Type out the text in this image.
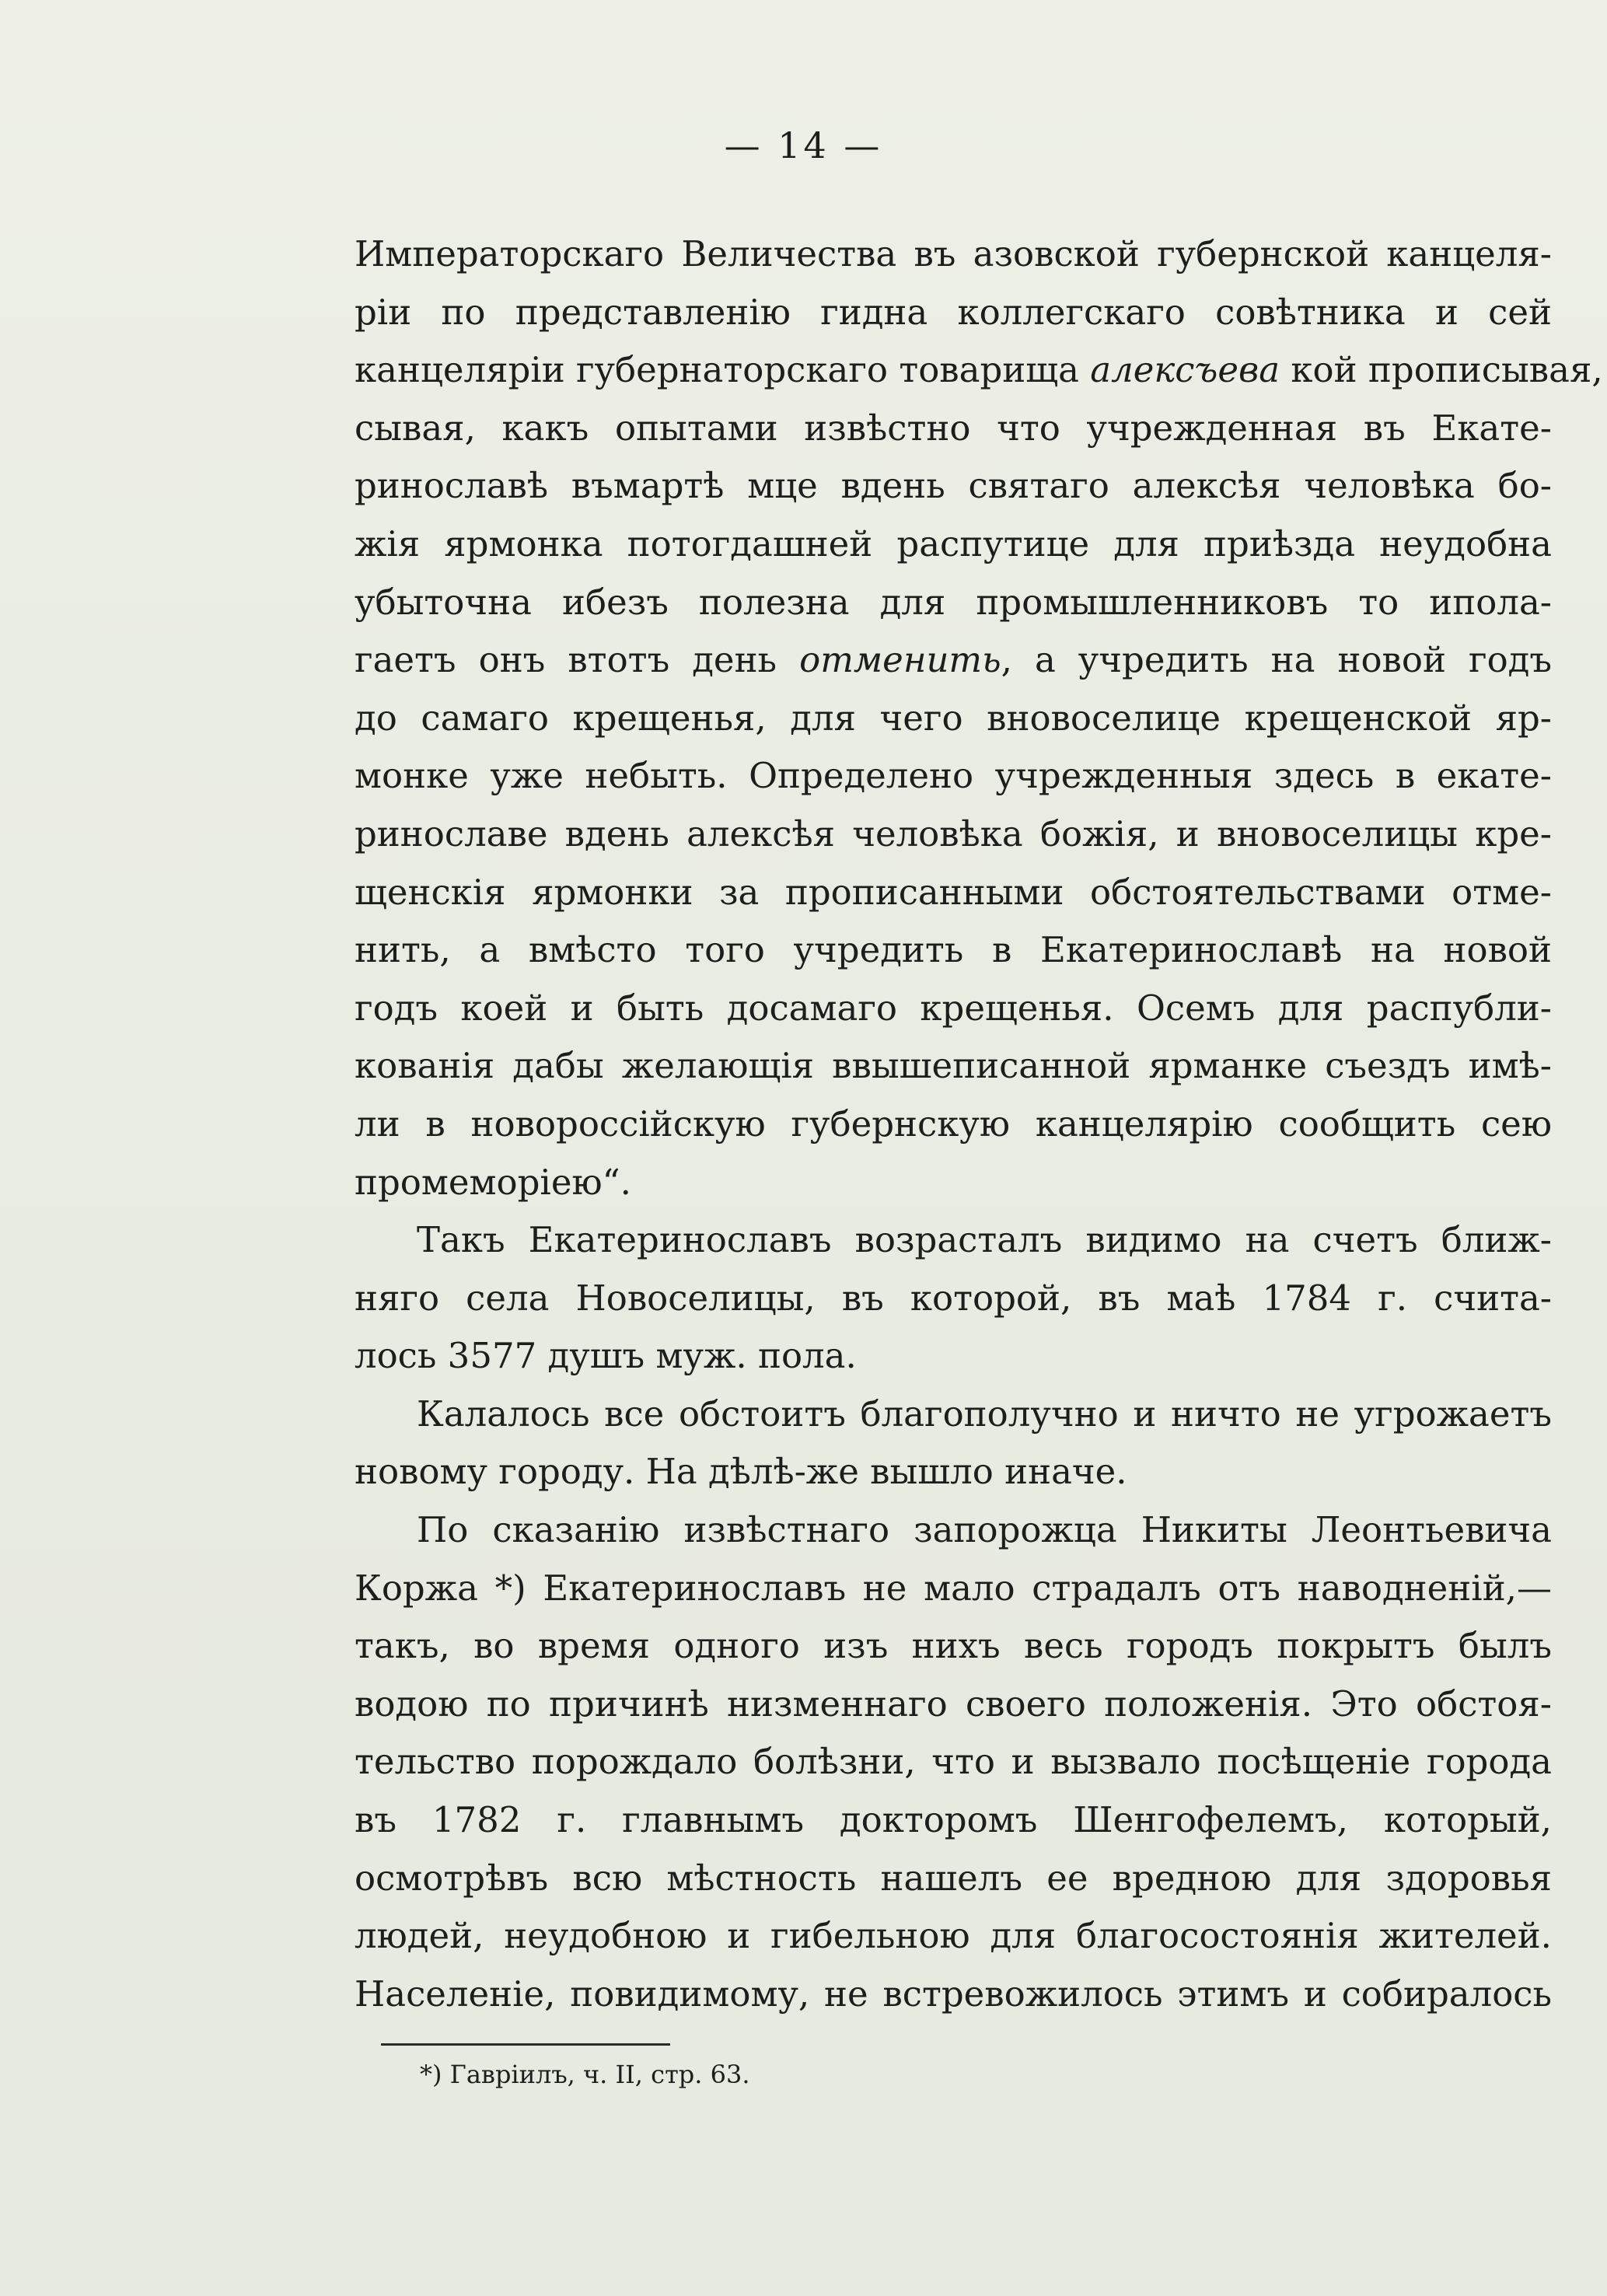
— 14 —
Императорскаго Величества въ азовской губернской канцеля-
ріи по представленію гидна коллегскаго совѣтника и сей
канцеляріи губернаторскаго товарища алексъева кой прописывая,
сывая, какъ опытами извѣстно что учрежденная въ Екате-
ринославѣ въмартѣ мце вдень святаго алексѣя человѣка бо-
жія ярмонка потогдашней распутице для приѣзда неудобна
убыточна ибезъ полезна для промышленниковъ то иполa-
гаетъ онъ втотъ день отменить, а учредить на новой годъ
до самаго крещенья, для чего вновоселице крещенской яр-
монке уже небыть. Определено учрежденныя здесь в екате-
ринославе вдень алексѣя человѣка божія, и вновоселицы кре-
щенскія ярмонки за прописанными обстоятельствами отме-
нить, а вмѣсто того учредить в Екатеринославѣ на новой
годъ коей и быть досамаго крещенья. Осемъ для распубли-
кованія дабы желающія ввышеписанной ярманке съездъ имѣ-
ли в новороссійскую губернскую канцелярію сообщить сею
промеморіею“.
Такъ Екатеринославъ возрасталъ видимо на счетъ ближ-
няго села Новоселицы, въ которой, въ маѣ 1784 г. счита-
лось 3577 душъ муж. пола.
Калалось все обстоитъ благополучно и ничто не угрожаетъ
новому городу. На дѣлѣ-же вышло иначе.
По сказанію извѣстнаго запорожца Никиты Леонтьевича
Коржа *) Екатеринославъ не мало страдалъ отъ наводненій,—
такъ, во время одного изъ нихъ весь городъ покрытъ былъ
водою по причинѣ низменнаго своего положенія. Это обстоя-
тельство порождало болѣзни, что и вызвало посѣщеніе города
въ 1782 г. главнымъ докторомъ Шенгофелемъ, который,
осмотрѣвъ всю мѣстность нашелъ ее вредною для здоровья
людей, неудобною и гибельною для благосостоянія жителей.
Населеніе, повидимому, не встревожилось этимъ и собиралось
*) Гавріилъ, ч. II, стр. 63.
